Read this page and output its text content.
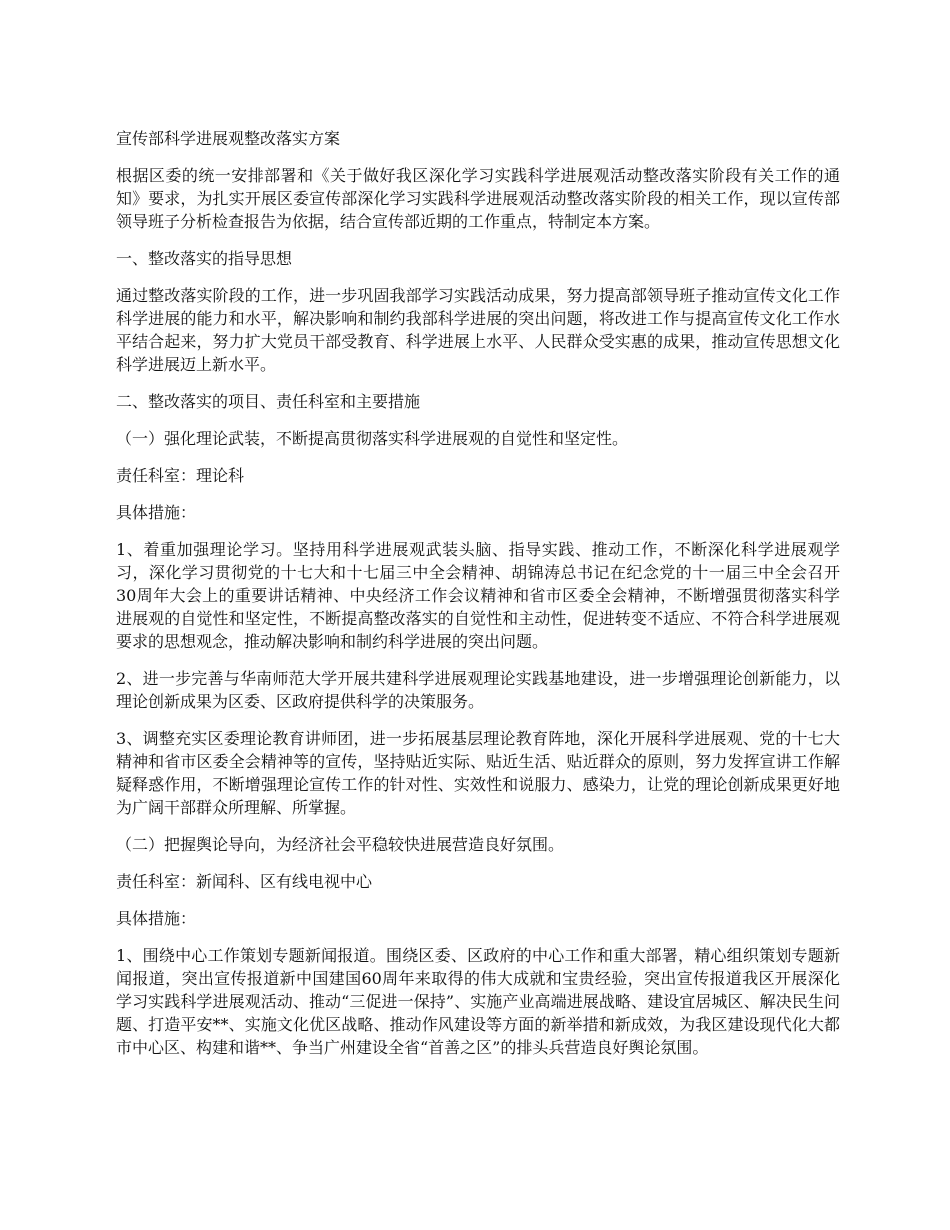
宣传部科学进展观整改落实方案

根据区委的统一安排部署和《关于做好我区深化学习实践科学进展观活动整改落实阶段有关工作的通知》要求，为扎实开展区委宣传部深化学习实践科学进展观活动整改落实阶段的相关工作，现以宣传部领导班子分析检查报告为依据，结合宣传部近期的工作重点，特制定本方案。

一、整改落实的指导思想

通过整改落实阶段的工作，进一步巩固我部学习实践活动成果，努力提高部领导班子推动宣传文化工作科学进展的能力和水平，解决影响和制约我部科学进展的突出问题，将改进工作与提高宣传文化工作水平结合起来，努力扩大党员干部受教育、科学进展上水平、人民群众受实惠的成果，推动宣传思想文化科学进展迈上新水平。

二、整改落实的项目、责任科室和主要措施

（一）强化理论武装，不断提高贯彻落实科学进展观的自觉性和坚定性。

责任科室：理论科

具体措施：

1、着重加强理论学习。坚持用科学进展观武装头脑、指导实践、推动工作，不断深化科学进展观学习，深化学习贯彻党的十七大和十七届三中全会精神、胡锦涛总书记在纪念党的十一届三中全会召开30周年大会上的重要讲话精神、中央经济工作会议精神和省市区委全会精神，不断增强贯彻落实科学进展观的自觉性和坚定性，不断提高整改落实的自觉性和主动性，促进转变不适应、不符合科学进展观要求的思想观念，推动解决影响和制约科学进展的突出问题。

2、进一步完善与华南师范大学开展共建科学进展观理论实践基地建设，进一步增强理论创新能力，以理论创新成果为区委、区政府提供科学的决策服务。

3、调整充实区委理论教育讲师团，进一步拓展基层理论教育阵地，深化开展科学进展观、党的十七大精神和省市区委全会精神等的宣传，坚持贴近实际、贴近生活、贴近群众的原则，努力发挥宣讲工作解疑释惑作用，不断增强理论宣传工作的针对性、实效性和说服力、感染力，让党的理论创新成果更好地为广阔干部群众所理解、所掌握。

（二）把握舆论导向，为经济社会平稳较快进展营造良好氛围。

责任科室：新闻科、区有线电视中心

具体措施：

1、围绕中心工作策划专题新闻报道。围绕区委、区政府的中心工作和重大部署，精心组织策划专题新闻报道，突出宣传报道新中国建国60周年来取得的伟大成就和宝贵经验，突出宣传报道我区开展深化学习实践科学进展观活动、推动“三促进一保持”、实施产业高端进展战略、建设宜居城区、解决民生问题、打造平安**、实施文化优区战略、推动作风建设等方面的新举措和新成效，为我区建设现代化大都市中心区、构建和谐**、争当广州建设全省“首善之区”的排头兵营造良好舆论氛围。
